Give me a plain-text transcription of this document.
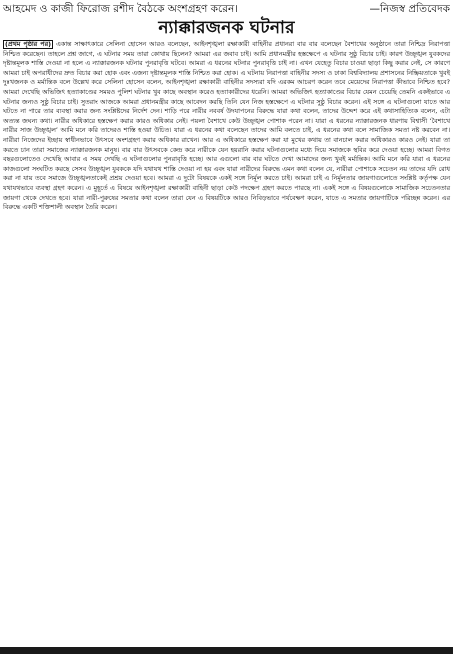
আহমেদ ও কাজী ফিরোজ রশীদ বৈঠকে অংশগ্রহণ করেন।	—নিজস্ব প্রতিবেদক
ন্যাক্কারজনক ঘটনার
(প্রথম পৃষ্ঠার পর) একান্ত সাক্ষাৎকারে সেলিনা হোসেন আরও বলেছেন, আইনশৃঙ্খলা রক্ষাকারী বাহিনীর প্রধানরা বার বার বলেছেন বৈশাখের অনুষ্ঠানে তারা নিশ্চিদ্র নিরাপত্তা নিশ্চিত করেছেন। তাহলে প্রশ্ন জাগে, এ ঘটনার সময় তারা কোথায় ছিলেন? আমরা এর জবাব চাই। আমি প্রধানমন্ত্রীর হস্তক্ষেপে এ ঘটনার সুষ্ঠু বিচার চাই। কারণ উচ্ছৃঙ্খল যুবকদের দৃষ্টান্তমূলক শাস্তি দেওয়া না হলে এ ন্যাক্কারজনক ঘটনার পুনরাবৃত্তি ঘটবে। আমরা এ ধরনের ঘটনার পুনরাবৃত্তি চাই না। এখন যেহেতু বিচার চাওয়া ছাড়া কিছু করার নেই, সে কারণে আমরা চাই অপরাধীদের দ্রুত বিচার করা হোক এবং এজন্য দৃষ্টান্তমূলক শাস্তি নিশ্চিত করা হোক। এ ঘটনায় নিরাপত্তা বাহিনীর সদস্য ও ঢাকা বিশ্ববিদ্যালয় প্রশাসনের নিষ্ক্রিয়তাকে খুবই দুঃখজনক ও মর্মান্তিক বলে উল্লেখ করে সেলিনা হোসেন বলেন, আইনশৃঙ্খলা রক্ষাকারী বাহিনীর সদস্যরা যদি এরকম আচরণ করেন তবে মেয়েদের নিরাপত্তা কীভাবে নিশ্চিত হবে? আমরা দেখেছি অভিজিৎ হত্যাকাণ্ডের সময়ও পুলিশ ঘটনার খুব কাছে অবস্থান করেও হত্যাকারীদের ধরেনি। আমরা অভিজিৎ হত্যাকাণ্ডের বিচার যেমন চেয়েছি তেমনি একইভাবে এ ঘটনার জন্যও সুষ্ঠু বিচার চাই। সুতরাং আজকে আমরা প্রধানমন্ত্রীর কাছে আবেদন করছি তিনি যেন নিজ হস্তক্ষেপে এ ঘটনার সুষ্ঠু বিচার করেন। এই সঙ্গে এ ঘটনাগুলো যাতে আর ঘটতে না পারে তার ব্যবস্থা করার জন্য সংশ্লিষ্টদের নির্দেশ দেন। শাড়ি পরে নারীর নববর্ষ উদযাপনের বিরুদ্ধে যারা কথা বলেন, তাদের উদ্দেশ করে এই কথাসাহিত্যিক বলেন, এটা অত্যন্ত জঘন্য কথা। নারীর অধিকারে হস্তক্ষেপ করার কারও অধিকার নেই। পয়লা বৈশাখে কেউ উচ্ছৃঙ্খল পোশাক পরেন না। যারা এ ধরনের ন্যাক্কারজনক ধারণায় বিশ্বাসী ‘বৈশাখে নারীর সাজ উচ্ছৃঙ্খল’ আমি মনে করি তাদেরও শাস্তি হওয়া উচিত। যারা এ ধরনের কথা বলেছেন তাদের আমি বলতে চাই, এ ধরনের কথা বলে সামাজিক সমতা নষ্ট করবেন না। নারীরা নিজেদের ইচ্ছায় স্বাধীনভাবে উৎসবে অংশগ্রহণ করার অধিকার রাখেন। আর এ অধিকারে হস্তক্ষেপ করা যা মুখের কথায় তা বানচাল করার অধিকারও কারও নেই। যারা তা করতে চান তারা সমাজের ন্যাক্কারজনক মানুষ। বার বার উৎসবকে কেন্দ্র করে নারীকে যেন হয়রানি করার ঘটনাগুলোর মধ্যে দিয়ে সমাজকে স্থবির করে দেওয়া হচ্ছে। আমরা বিগত বছরগুলোতেও দেখেছি আবার এ সময় দেখছি এ ঘটনাগুলোর পুনরাবৃত্তি হচ্ছে। আর এগুলো বার বার ঘটতে দেখা আমাদের জন্য খুবই মর্মান্তিক। আমি মনে করি যারা এ ধরনের কাজগুলো সংঘটিত করছে সেসব উচ্ছৃঙ্খল যুবককে যদি যথাযথ শাস্তি দেওয়া না হয় এবং যারা নারীদের বিরুদ্ধে এমন কথা বলেন যে, নারীরা পোশাকে সচেতন নয় তাদের যদি রোধ করা না যায় তবে সমাজে উচ্ছৃঙ্খলতাকেই প্রশ্রয় দেওয়া হবে। আমরা এ দুটো বিষয়কে একই সঙ্গে নির্মূল করতে চাই। আমরা চাই এ নির্মূলতার জায়গাগুলোতে সংশ্লিষ্ট কর্তৃপক্ষ যেন যথাযথভাবে ব্যবস্থা গ্রহণ করেন। এ মুহূর্তে এ বিষয়ে আইনশৃঙ্খলা রক্ষাকারী বাহিনী ছাড়া কেউ পদক্ষেপ গ্রহণ করতে পারছে না। একই সঙ্গে এ বিষয়গুলোকে সামাজিক সচেতনতার জায়গা থেকে দেখতে হবে। যারা নারী-পুরুষের সমতার কথা বলেন তারা যেন এ বিষয়টিকে আরও নিবিড়ভাবে পর্যবেক্ষণ করেন, যাতে এ সমতার জায়গাটিকে পরিচ্ছন্ন করেন। এর বিরুদ্ধে একটি শক্তিশালী অবস্থান তৈরি করেন।
